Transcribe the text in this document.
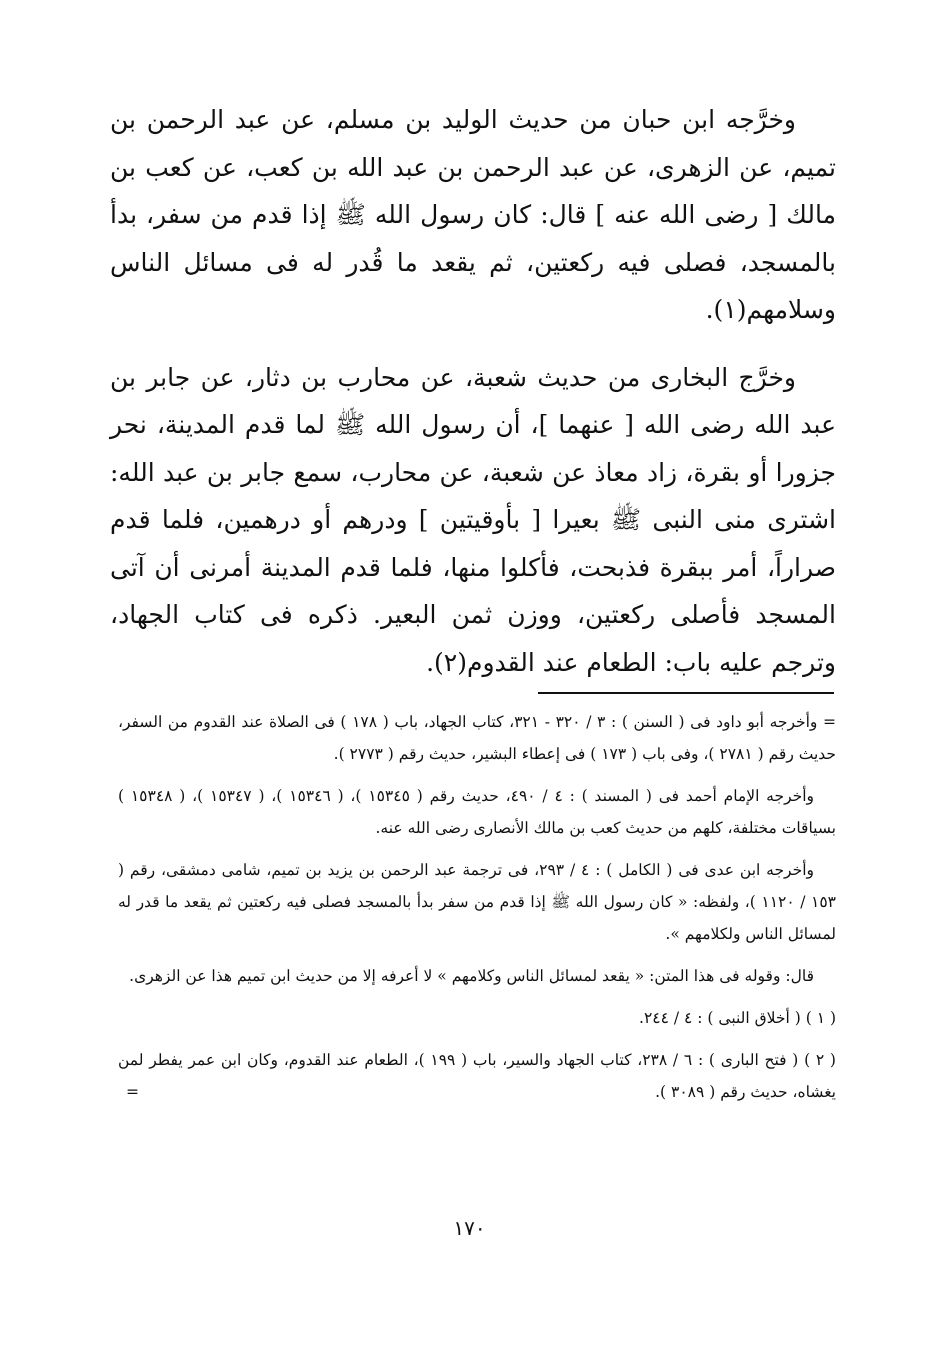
وخرَّجه ابن حبان من حديث الوليد بن مسلم، عن عبد الرحمن بن تميم، عن الزهرى، عن عبد الرحمن بن عبد الله بن كعب، عن كعب بن مالك [ رضى الله عنه ] قال: كان رسول الله ﷺ إذا قدم من سفر، بدأ بالمسجد، فصلى فيه ركعتين، ثم يقعد ما قُدر له فى مسائل الناس وسلامهم(١).

وخرَّج البخارى من حديث شعبة، عن محارب بن دثار، عن جابر بن عبد الله رضى الله [ عنهما ]، أن رسول الله ﷺ لما قدم المدينة، نحر جزورا أو بقرة، زاد معاذ عن شعبة، عن محارب، سمع جابر بن عبد الله: اشترى منى النبى ﷺ بعيرا [ بأوقيتين ] ودرهم أو درهمين، فلما قدم صراراً، أمر ببقرة فذبحت، فأكلوا منها، فلما قدم المدينة أمرنى أن آتى المسجد فأصلى ركعتين، ووزن ثمن البعير. ذكره فى كتاب الجهاد، وترجم عليه باب: الطعام عند القدوم(٢).

= وأخرجه أبو داود فى ( السنن ) : ٣ / ٣٢٠ - ٣٢١، كتاب الجهاد، باب ( ١٧٨ ) فى الصلاة عند القدوم من السفر، حديث رقم ( ٢٧٨١ )، وفى باب ( ١٧٣ ) فى إعطاء البشير، حديث رقم ( ٢٧٧٣ ).

وأخرجه الإمام أحمد فى ( المسند ) : ٤ / ٤٩٠، حديث رقم ( ١٥٣٤٥ )، ( ١٥٣٤٦ )، ( ١٥٣٤٧ )، ( ١٥٣٤٨ ) بسياقات مختلفة، كلهم من حديث كعب بن مالك الأنصارى رضى الله عنه.

وأخرجه ابن عدى فى ( الكامل ) : ٤ / ٢٩٣، فى ترجمة عبد الرحمن بن يزيد بن تميم، شامى دمشقى، رقم ( ١٥٣ / ١١٢٠ )، ولفظه: « كان رسول الله ﷺ إذا قدم من سفر بدأ بالمسجد فصلى فيه ركعتين ثم يقعد ما قدر له لمسائل الناس ولكلامهم ».

قال: وقوله فى هذا المتن: « يقعد لمسائل الناس وكلامهم » لا أعرفه إلا من حديث ابن تميم هذا عن الزهرى.

( ١ ) ( أخلاق النبى ) : ٤ / ٢٤٤.

( ٢ ) ( فتح البارى ) : ٦ / ٢٣٨، كتاب الجهاد والسير، باب ( ١٩٩ )، الطعام عند القدوم، وكان ابن عمر يفطر لمن يغشاه، حديث رقم ( ٣٠٨٩ ).
=

١٧٠
